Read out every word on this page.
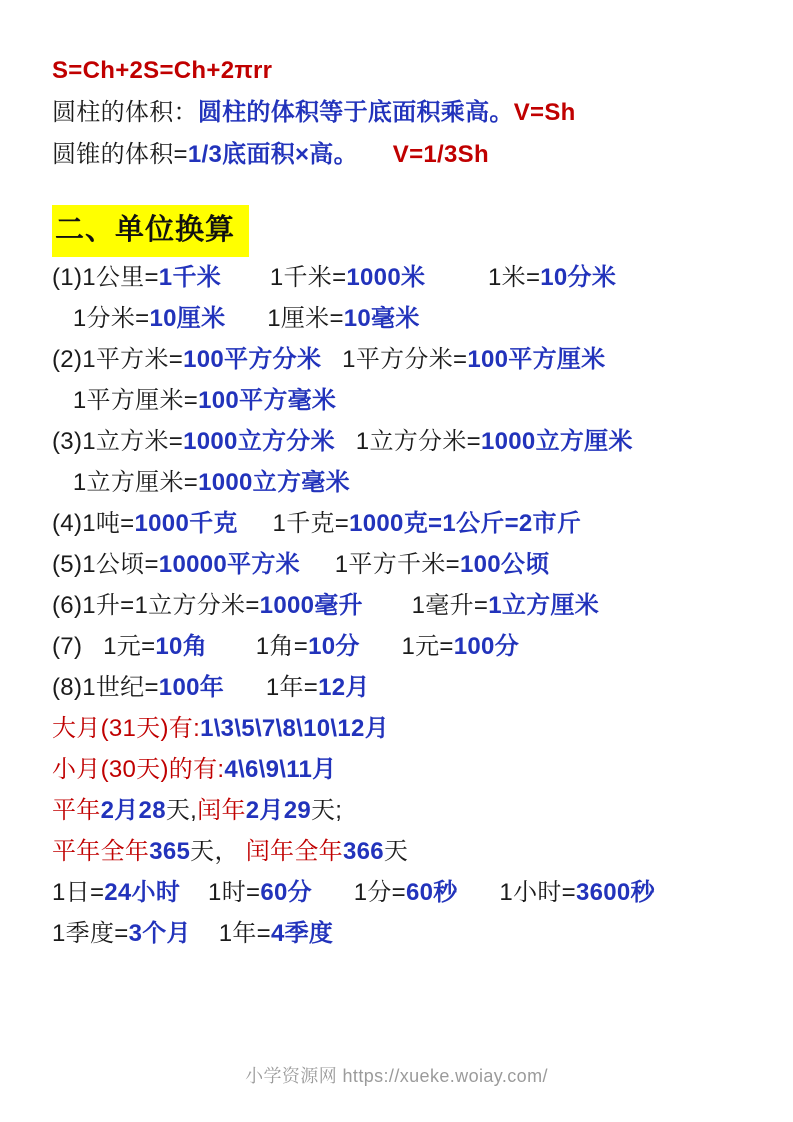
S=Ch+2S=Ch+2πrr
圆柱的体积：圆柱的体积等于底面积乘高。V=Sh
圆锥的体积=1/3底面积×高。 V=1/3Sh
二、单位换算
(1)1公里=1千米       1千米=1000米         1米=10分米
1分米=10厘米      1厘米=10毫米
(2)1平方米=100平方分米   1平方分米=100平方厘米
1平方厘米=100平方毫米
(3)1立方米=1000立方分米   1立方分米=1000立方厘米
1立方厘米=1000立方毫米
(4)1吨=1000千克     1千克=1000克=1公斤=2市斤
(5)1公顷=10000平方米     1平方千米=100公顷
(6)1升=1立方分米=1000毫升       1毫升=1立方厘米
(7)   1元=10角       1角=10分      1元=100分
(8)1世纪=100年      1年=12月
大月(31天)有:1\3\5\7\8\10\12月
小月(30天)的有:4\6\9\11月
平年2月28天,闰年2月29天;
平年全年365天， 闰年全年366天
1日=24小时    1时=60分      1分=60秒      1小时=3600秒
1季度=3个月    1年=4季度
小学资源网 https://xueke.woiay.com/
